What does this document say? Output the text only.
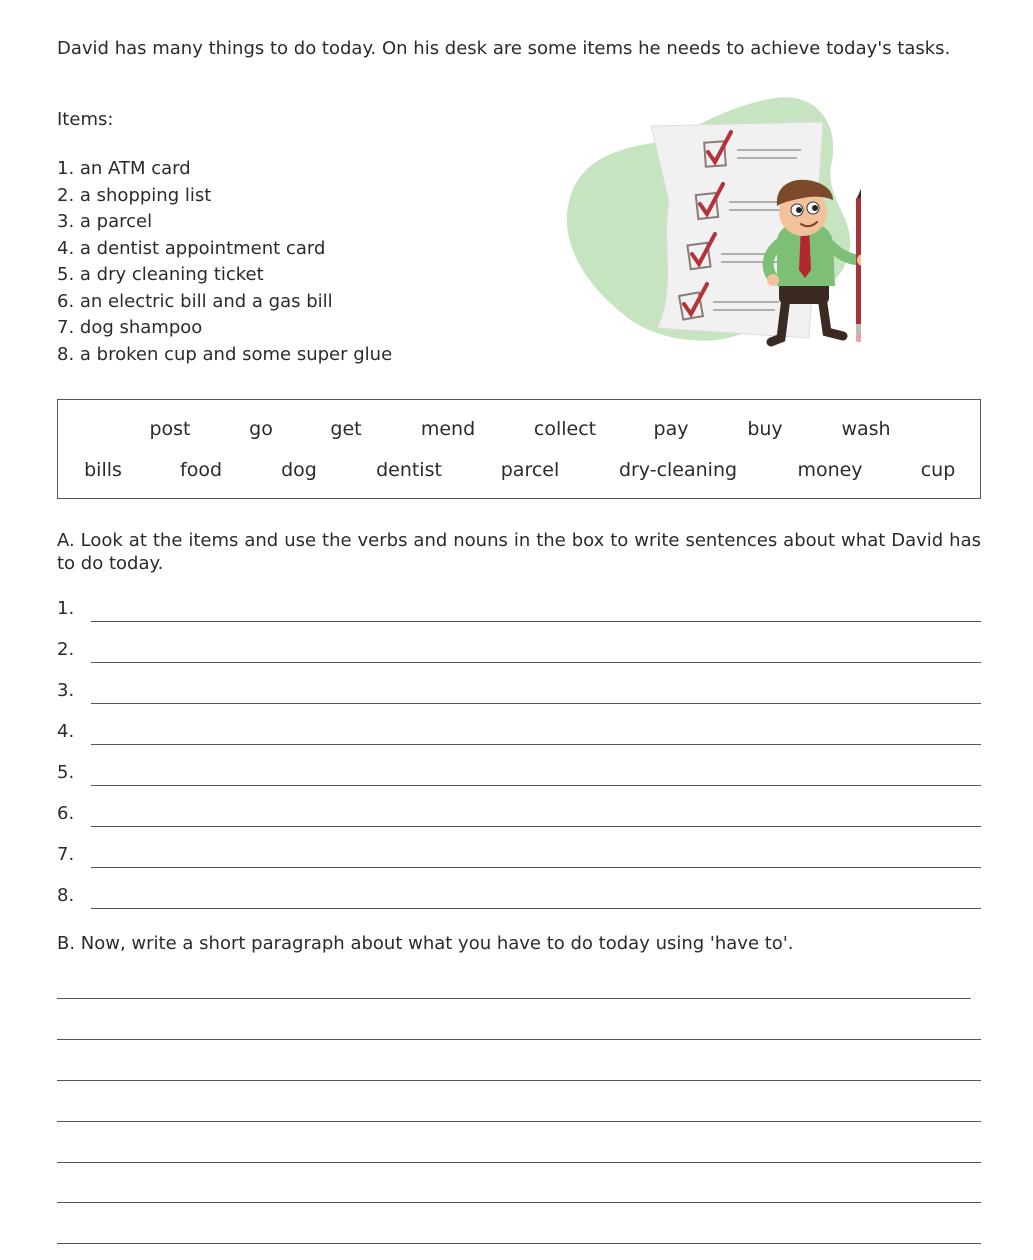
David has many things to do today. On his desk are some items he needs to achieve today's tasks.

Items:

1. an ATM card
2. a shopping list
3. a parcel
4. a dentist appointment card
5. a dry cleaning ticket
6. an electric bill and a gas bill
7. dog shampoo
8. a broken cup and some super glue
post	go	get	mend	collect	pay	buy	wash
bills	food	dog	dentist	parcel	dry-cleaning	money	cup

A. Look at the items and use the verbs and nouns in the box to write sentences about what David has to do today.

1.
2.
3.
4.
5.
6.
7.
8.

B. Now, write a short paragraph about what you have to do today using 'have to'.
